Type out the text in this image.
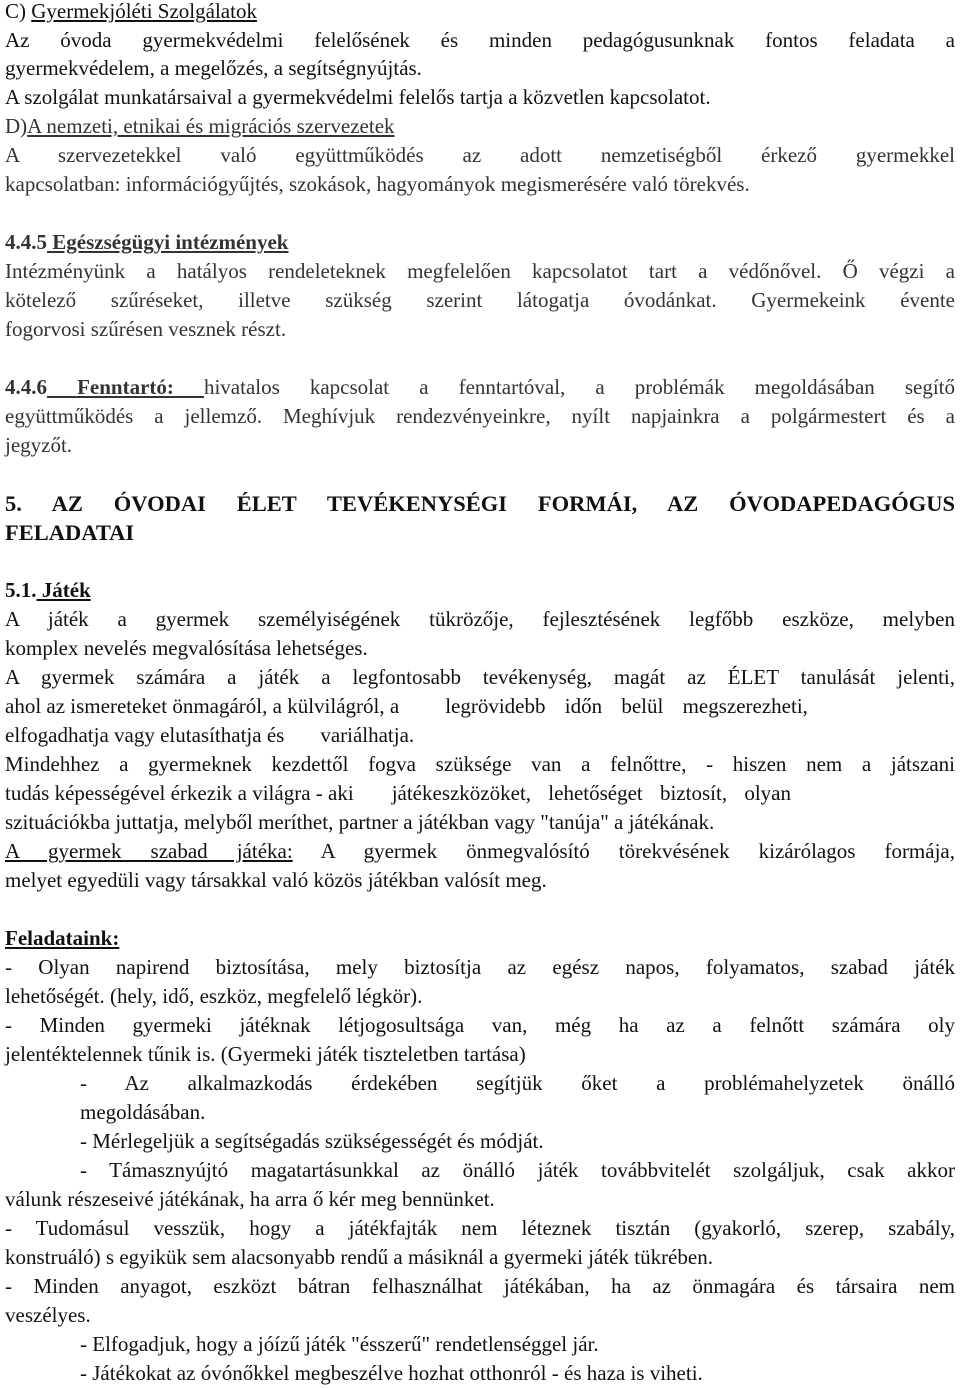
C) Gyermekjóléti Szolgálatok
Az óvoda gyermekvédelmi felelősének és minden pedagógusunknak fontos feladata a
gyermekvédelem, a megelőzés, a segítségnyújtás.
A szolgálat munkatársaival a gyermekvédelmi felelős tartja a közvetlen kapcsolatot.
D)A nemzeti, etnikai és migrációs szervezetek
A szervezetekkel való együttműködés az adott nemzetiségből érkező gyermekkel
kapcsolatban: információgyűjtés, szokások, hagyományok megismerésére való törekvés.
4.4.5 Egészségügyi intézmények
Intézményünk a hatályos rendeleteknek megfelelően kapcsolatot tart a védőnővel. Ő végzi a
kötelező szűréseket, illetve szükség szerint látogatja óvodánkat. Gyermekeink évente
fogorvosi szűrésen vesznek részt.
4.4.6 Fenntartó: hivatalos kapcsolat a fenntartóval, a problémák megoldásában segítő
együttműködés a jellemző. Meghívjuk rendezvényeinkre, nyílt napjainkra a polgármestert és a
jegyzőt.
5. AZ ÓVODAI ÉLET TEVÉKENYSÉGI FORMÁI, AZ ÓVODAPEDAGÓGUS
FELADATAI
5.1. Játék
A játék a gyermek személyiségének tükrözője, fejlesztésének legfőbb eszköze, melyben
komplex nevelés megvalósítása lehetséges.
A gyermek számára a játék a legfontosabb tevékenység, magát az ÉLET tanulását jelenti,
ahol az ismereteket önmagáról, a külvilágról, a legrövidebb időn belül megszerezheti,
elfogadhatja vagy elutasíthatja és variálhatja.
Mindehhez a gyermeknek kezdettől fogva szüksége van a felnőttre, - hiszen nem a játszani
tudás képességével érkezik a világra - aki játékeszközöket, lehetőséget biztosít, olyan
szituációkba juttatja, melyből meríthet, partner a játékban vagy "tanúja" a játékának.
A gyermek szabad játéka: A gyermek önmegvalósító törekvésének kizárólagos formája,
melyet egyedüli vagy társakkal való közös játékban valósít meg.
Feladataink:
- Olyan napirend biztosítása, mely biztosítja az egész napos, folyamatos, szabad játék
lehetőségét. (hely, idő, eszköz, megfelelő légkör).
- Minden gyermeki játéknak létjogosultsága van, még ha az a felnőtt számára oly
jelentéktelennek tűnik is. (Gyermeki játék tiszteletben tartása)
- Az alkalmazkodás érdekében segítjük őket a problémahelyzetek önálló
megoldásában.
- Mérlegeljük a segítségadás szükségességét és módját.
- Támasznyújtó magatartásunkkal az önálló játék továbbvitelét szolgáljuk, csak akkor
válunk részeseivé játékának, ha arra ő kér meg bennünket.
- Tudomásul vesszük, hogy a játékfajták nem léteznek tisztán (gyakorló, szerep, szabály,
konstruáló) s egyikük sem alacsonyabb rendű a másiknál a gyermeki játék tükrében.
- Minden anyagot, eszközt bátran felhasználhat játékában, ha az önmagára és társaira nem
veszélyes.
- Elfogadjuk, hogy a jóízű játék "ésszerű" rendetlenséggel jár.
- Játékokat az óvónőkkel megbeszélve hozhat otthonról - és haza is viheti.
